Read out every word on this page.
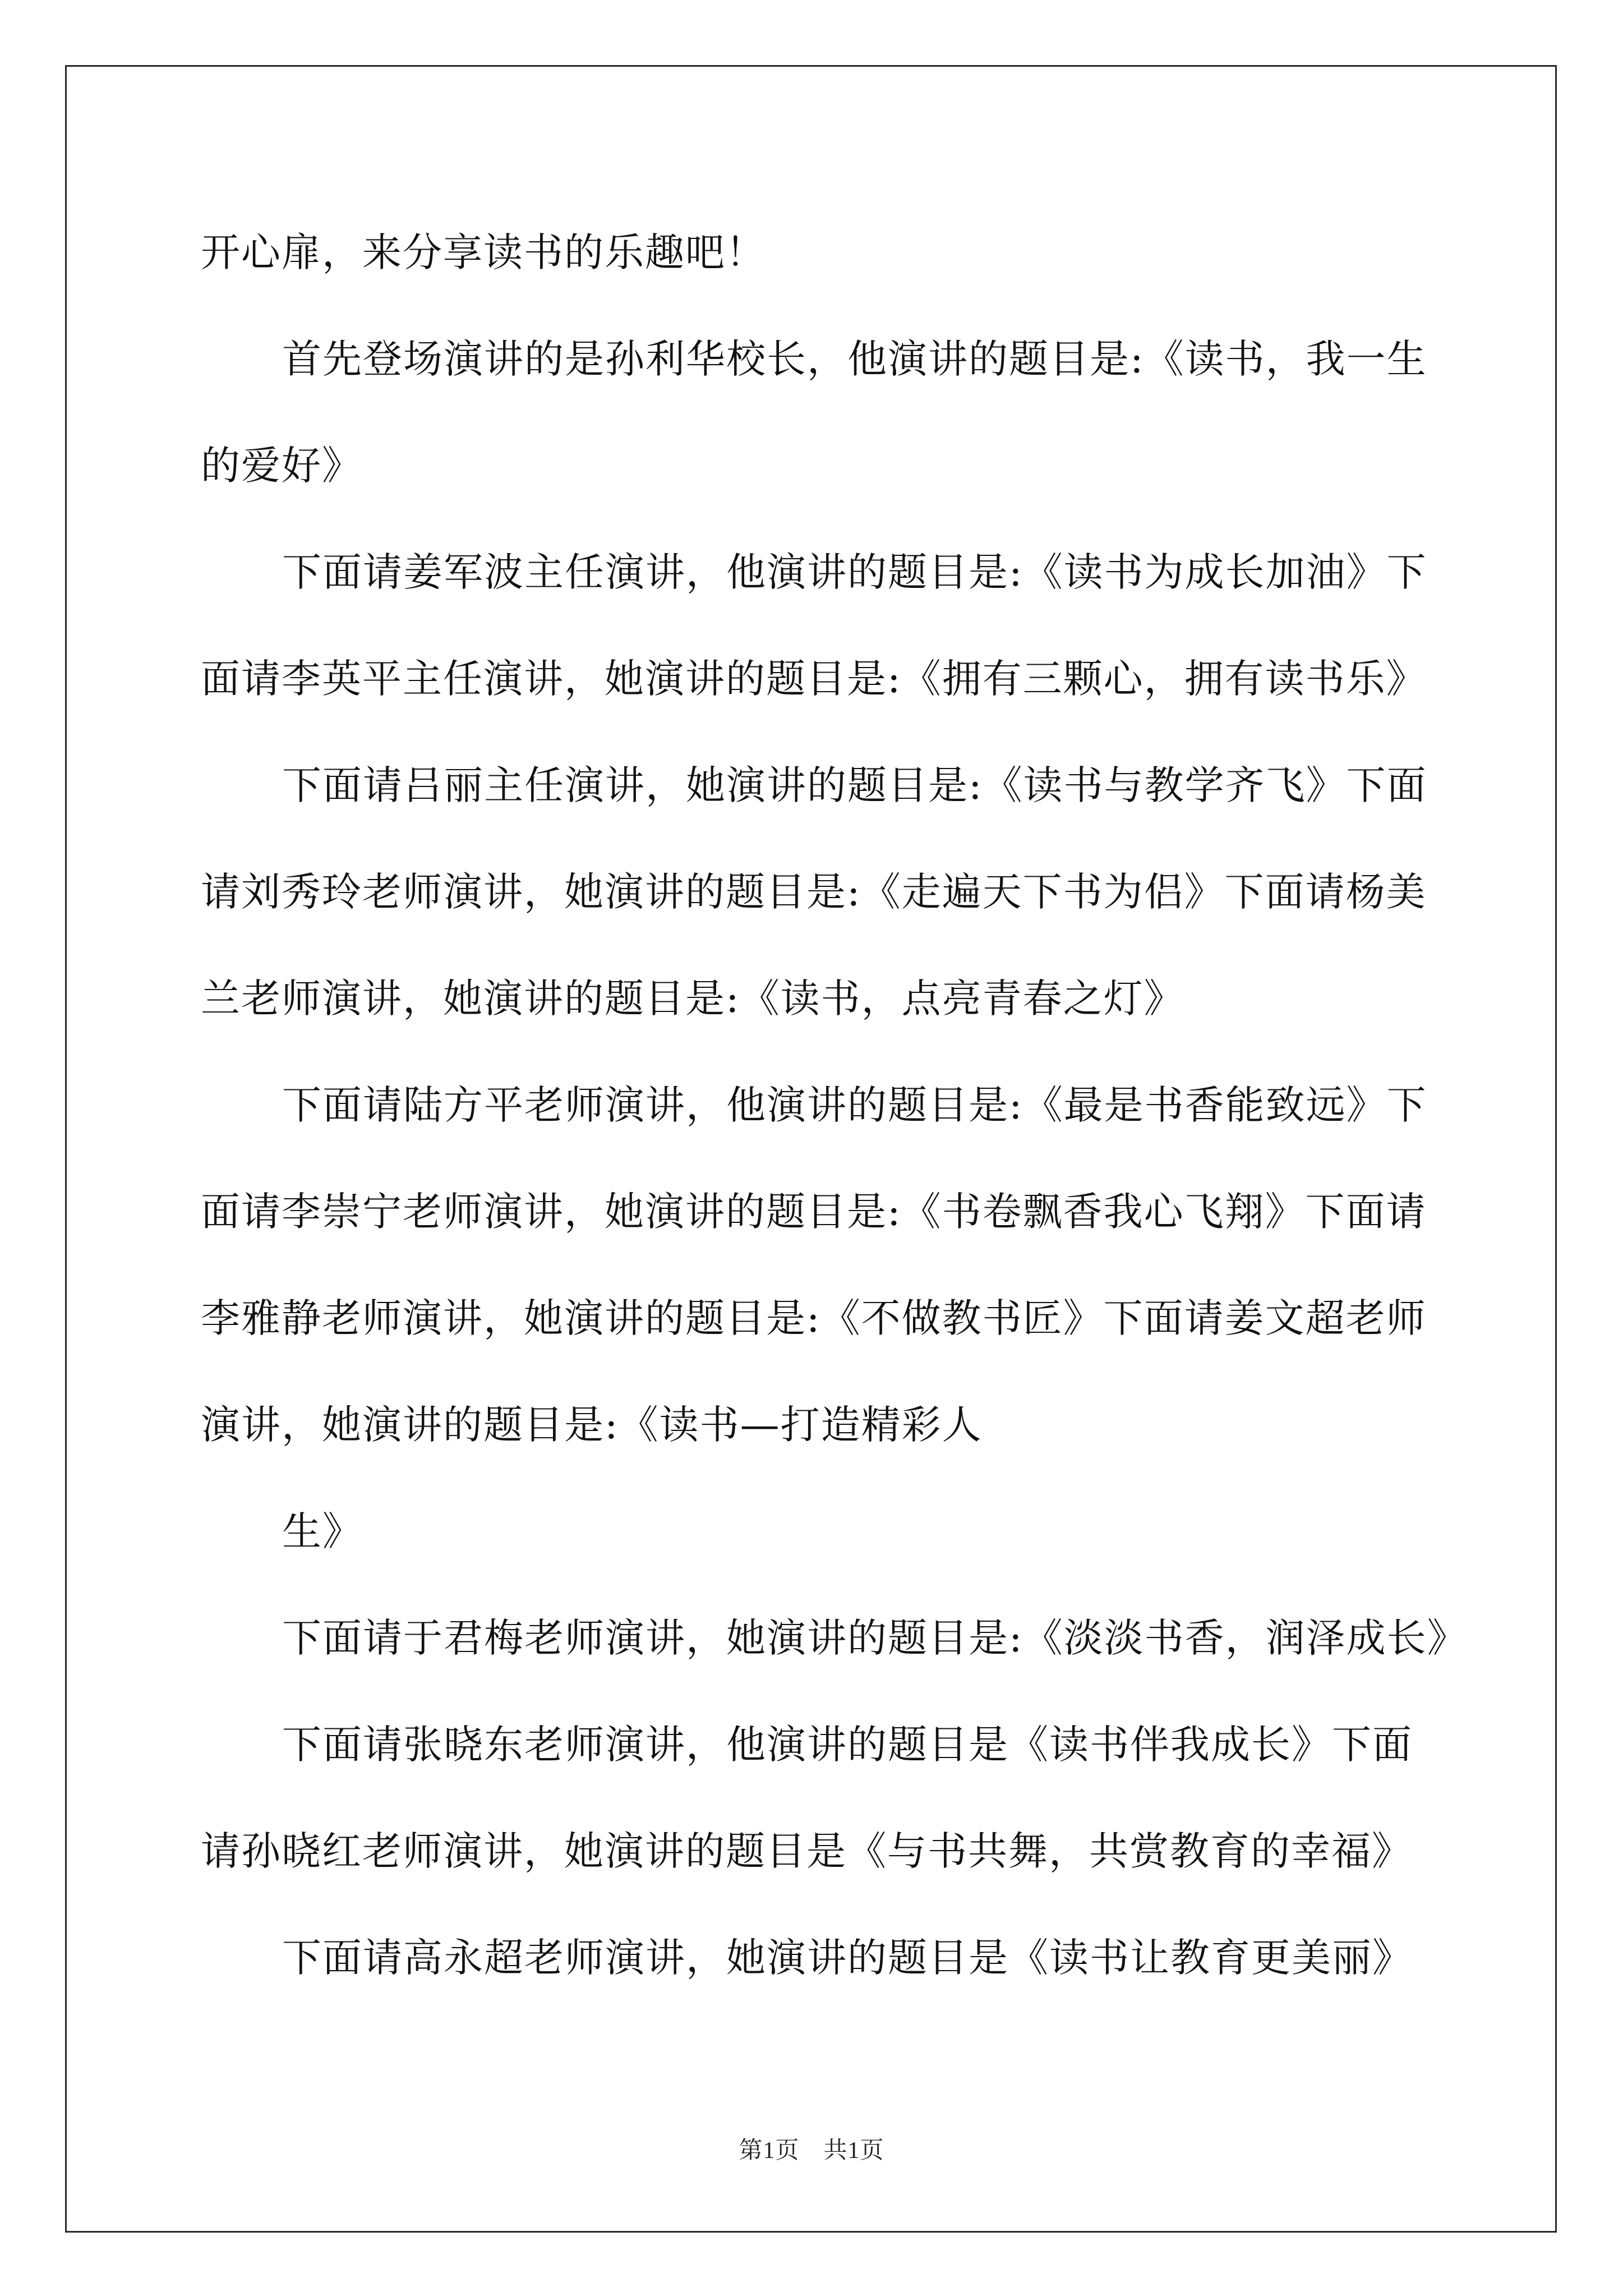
开心扉，来分享读书的乐趣吧！
首先登场演讲的是孙利华校长，他演讲的题目是:《读书，我一生
的爱好》
下面请姜军波主任演讲，他演讲的题目是:《读书为成长加油》下
面请李英平主任演讲，她演讲的题目是:《拥有三颗心，拥有读书乐》
下面请吕丽主任演讲，她演讲的题目是:《读书与教学齐飞》下面
请刘秀玲老师演讲，她演讲的题目是:《走遍天下书为侣》下面请杨美
兰老师演讲，她演讲的题目是:《读书，点亮青春之灯》
下面请陆方平老师演讲，他演讲的题目是:《最是书香能致远》下
面请李崇宁老师演讲，她演讲的题目是:《书卷飘香我心飞翔》下面请
李雅静老师演讲，她演讲的题目是:《不做教书匠》下面请姜文超老师
演讲，她演讲的题目是:《读书—打造精彩人
生》
下面请于君梅老师演讲，她演讲的题目是:《淡淡书香，润泽成长》
下面请张晓东老师演讲，他演讲的题目是《读书伴我成长》下面
请孙晓红老师演讲，她演讲的题目是《与书共舞，共赏教育的幸福》
下面请高永超老师演讲，她演讲的题目是《读书让教育更美丽》
第1页　共1页
